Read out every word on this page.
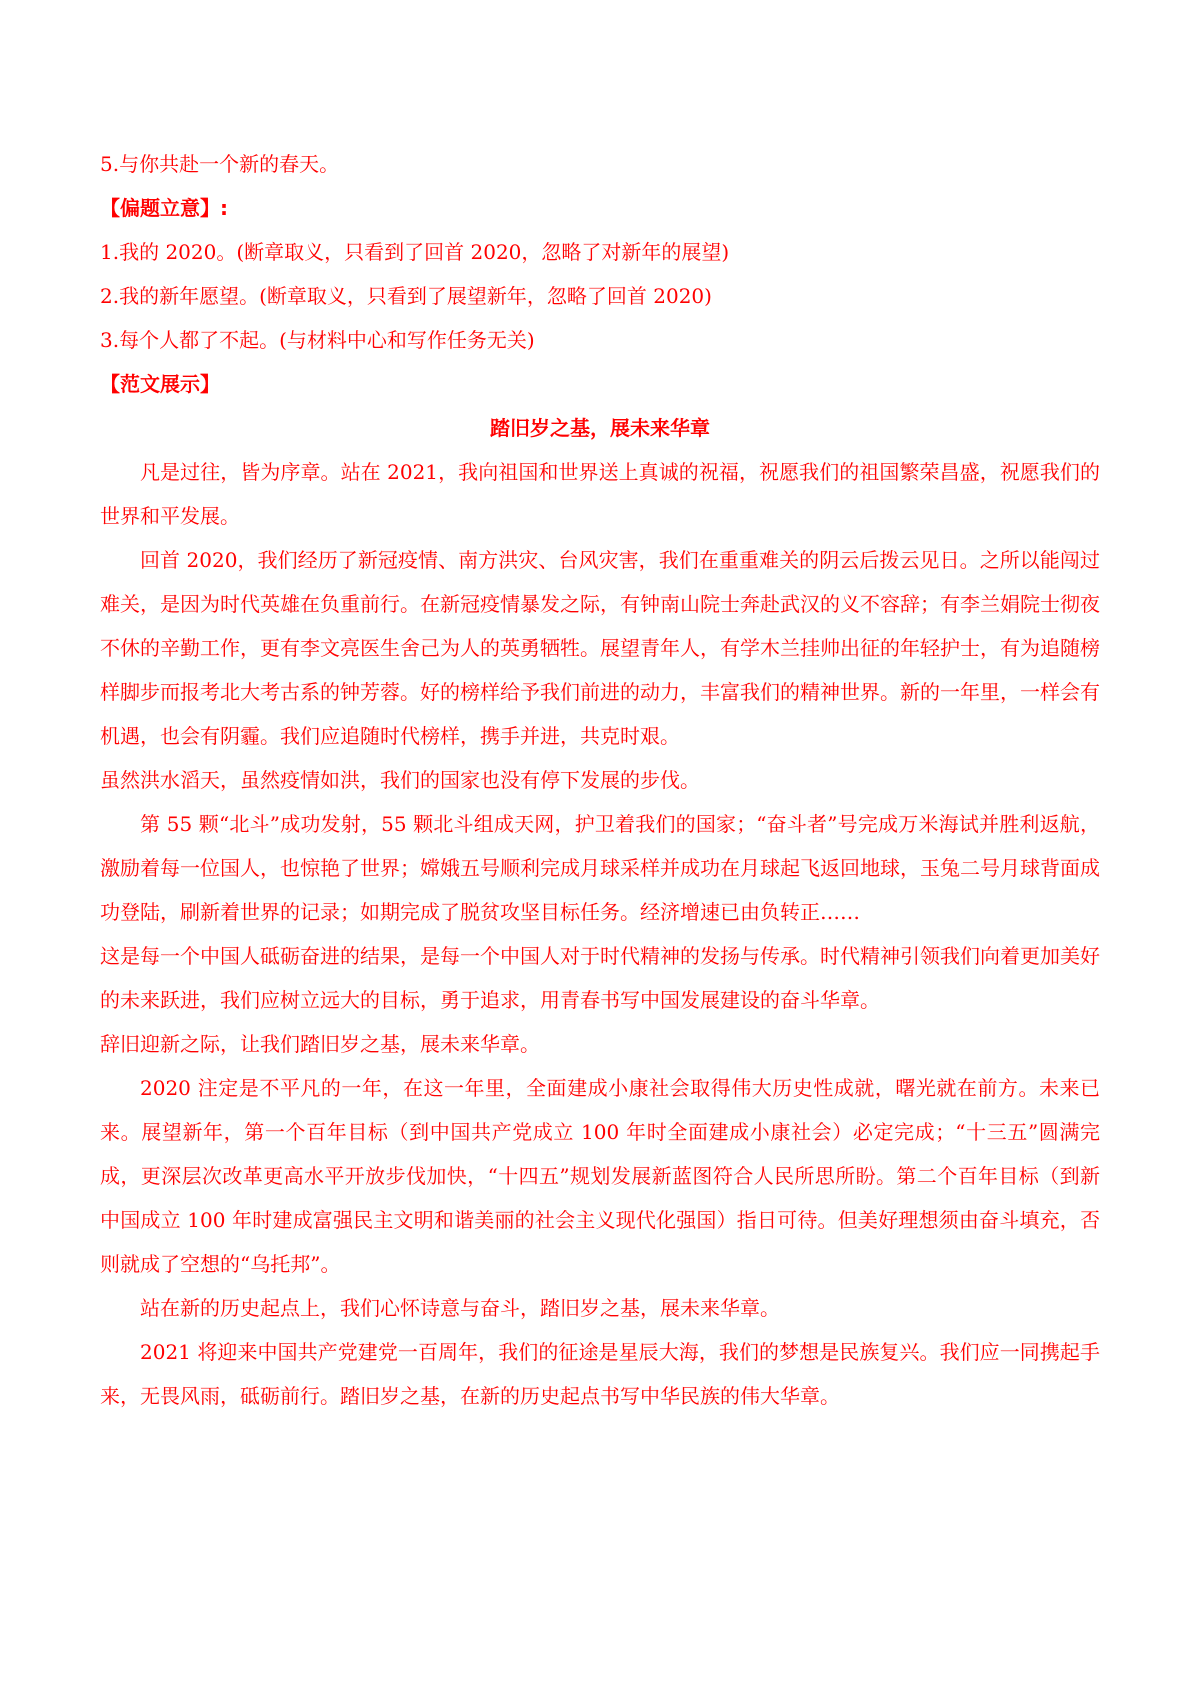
5.与你共赴一个新的春天。

【偏题立意】:

1.我的 2020。(断章取义，只看到了回首 2020，忽略了对新年的展望)

2.我的新年愿望。(断章取义，只看到了展望新年，忽略了回首 2020)

3.每个人都了不起。(与材料中心和写作任务无关)

【范文展示】

踏旧岁之基，展未来华章

凡是过往，皆为序章。站在 2021，我向祖国和世界送上真诚的祝福，祝愿我们的祖国繁荣昌盛，祝愿我们的世界和平发展。

回首 2020，我们经历了新冠疫情、南方洪灾、台风灾害，我们在重重难关的阴云后拨云见日。之所以能闯过难关，是因为时代英雄在负重前行。在新冠疫情暴发之际，有钟南山院士奔赴武汉的义不容辞；有李兰娟院士彻夜不休的辛勤工作，更有李文亮医生舍己为人的英勇牺牲。展望青年人，有学木兰挂帅出征的年轻护士，有为追随榜样脚步而报考北大考古系的钟芳蓉。好的榜样给予我们前进的动力，丰富我们的精神世界。新的一年里，一样会有机遇，也会有阴霾。我们应追随时代榜样，携手并进，共克时艰。

虽然洪水滔天，虽然疫情如洪，我们的国家也没有停下发展的步伐。

第 55 颗“北斗”成功发射，55 颗北斗组成天网，护卫着我们的国家；“奋斗者”号完成万米海试并胜利返航，激励着每一位国人，也惊艳了世界；嫦娥五号顺利完成月球采样并成功在月球起飞返回地球，玉兔二号月球背面成功登陆，刷新着世界的记录；如期完成了脱贫攻坚目标任务。经济增速已由负转正……

这是每一个中国人砥砺奋进的结果，是每一个中国人对于时代精神的发扬与传承。时代精神引领我们向着更加美好的未来跃进，我们应树立远大的目标，勇于追求，用青春书写中国发展建设的奋斗华章。

辞旧迎新之际，让我们踏旧岁之基，展未来华章。

2020 注定是不平凡的一年，在这一年里，全面建成小康社会取得伟大历史性成就，曙光就在前方。未来已来。展望新年，第一个百年目标（到中国共产党成立 100 年时全面建成小康社会）必定完成；“十三五”圆满完成，更深层次改革更高水平开放步伐加快，“十四五”规划发展新蓝图符合人民所思所盼。第二个百年目标（到新中国成立 100 年时建成富强民主文明和谐美丽的社会主义现代化强国）指日可待。但美好理想须由奋斗填充，否则就成了空想的“乌托邦”。

站在新的历史起点上，我们心怀诗意与奋斗，踏旧岁之基，展未来华章。

2021 将迎来中国共产党建党一百周年，我们的征途是星辰大海，我们的梦想是民族复兴。我们应一同携起手来，无畏风雨，砥砺前行。踏旧岁之基，在新的历史起点书写中华民族的伟大华章。
